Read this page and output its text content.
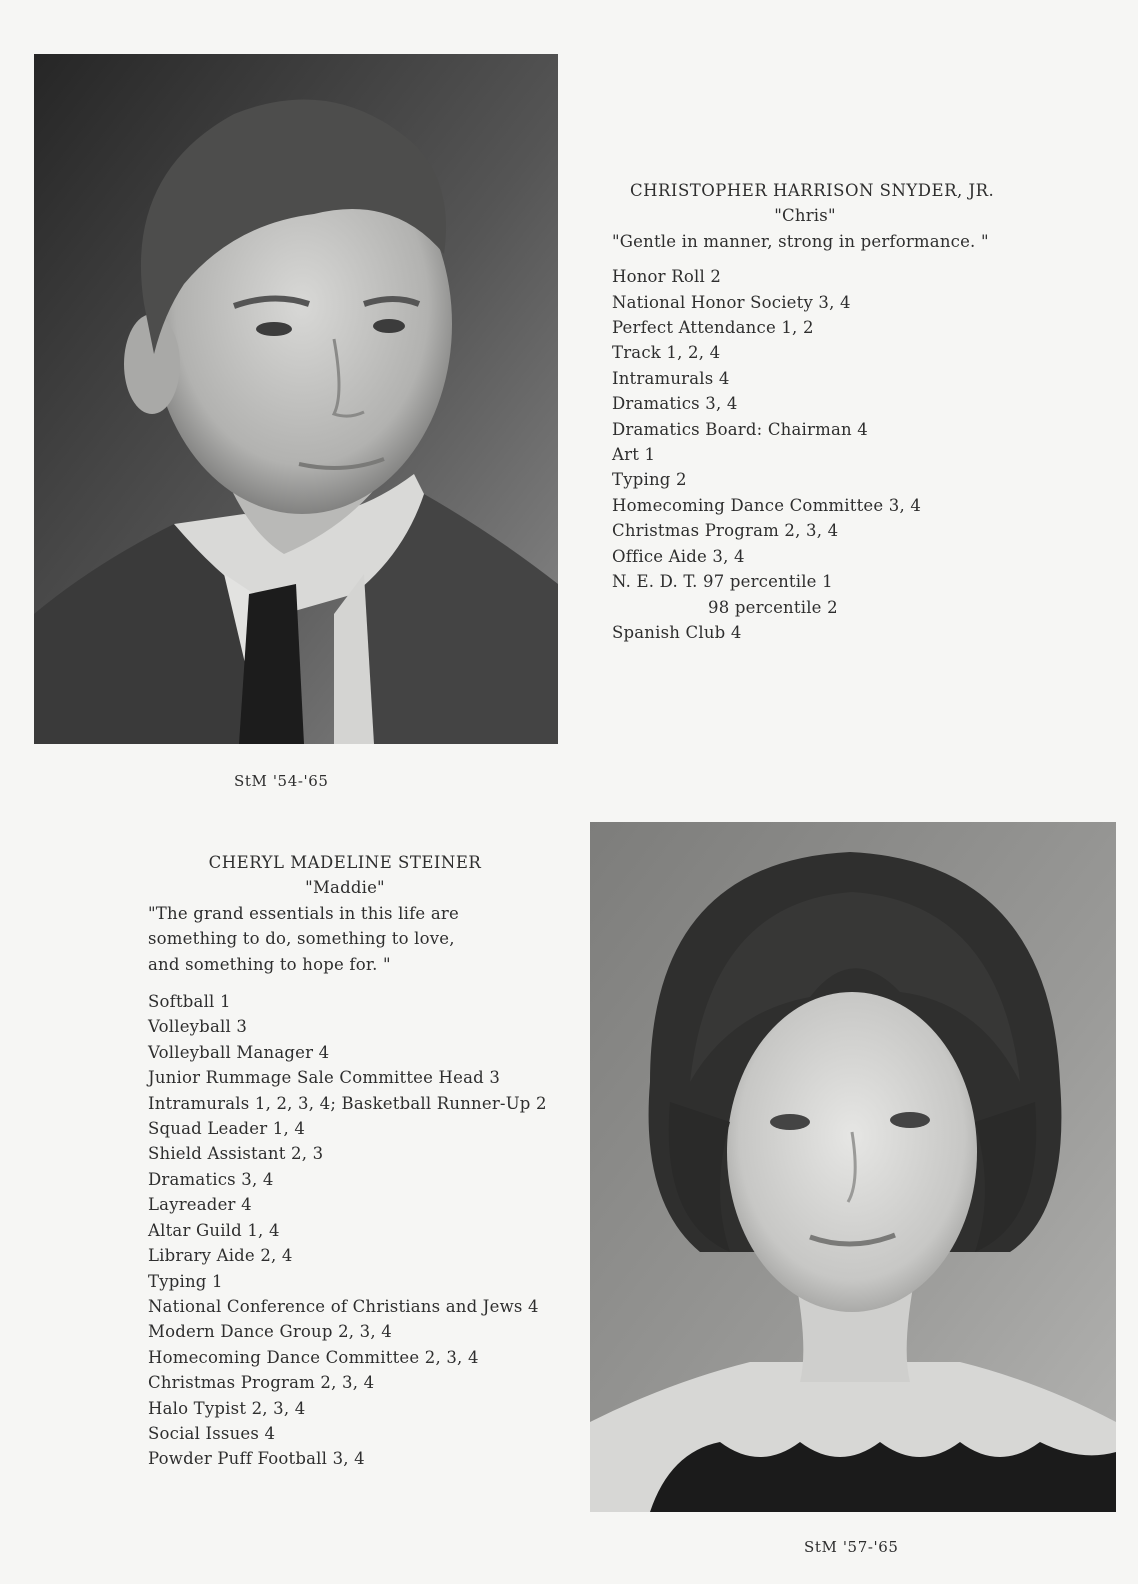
CHRISTOPHER HARRISON SNYDER, JR.
"Chris"
"Gentle in manner, strong in performance. "
Honor Roll 2
National Honor Society 3, 4
Perfect Attendance 1, 2
Track 1, 2, 4
Intramurals 4
Dramatics 3, 4
Dramatics Board: Chairman 4
Art 1
Typing 2
Homecoming Dance Committee 3, 4
Christmas Program 2, 3, 4
Office Aide 3, 4
N. E. D. T. 97 percentile 1
98 percentile 2
Spanish Club 4
StM '54-'65
CHERYL MADELINE STEINER
"Maddie"
"The grand essentials in this life are
something to do, something to love,
and something to hope for. "
Softball 1
Volleyball 3
Volleyball Manager 4
Junior Rummage Sale Committee Head 3
Intramurals 1, 2, 3, 4; Basketball Runner-Up 2
Squad Leader 1, 4
Shield Assistant 2, 3
Dramatics 3, 4
Layreader 4
Altar Guild 1, 4
Library Aide 2, 4
Typing 1
National Conference of Christians and Jews 4
Modern Dance Group 2, 3, 4
Homecoming Dance Committee 2, 3, 4
Christmas Program 2, 3, 4
Halo Typist 2, 3, 4
Social Issues 4
Powder Puff Football 3, 4
StM '57-'65
